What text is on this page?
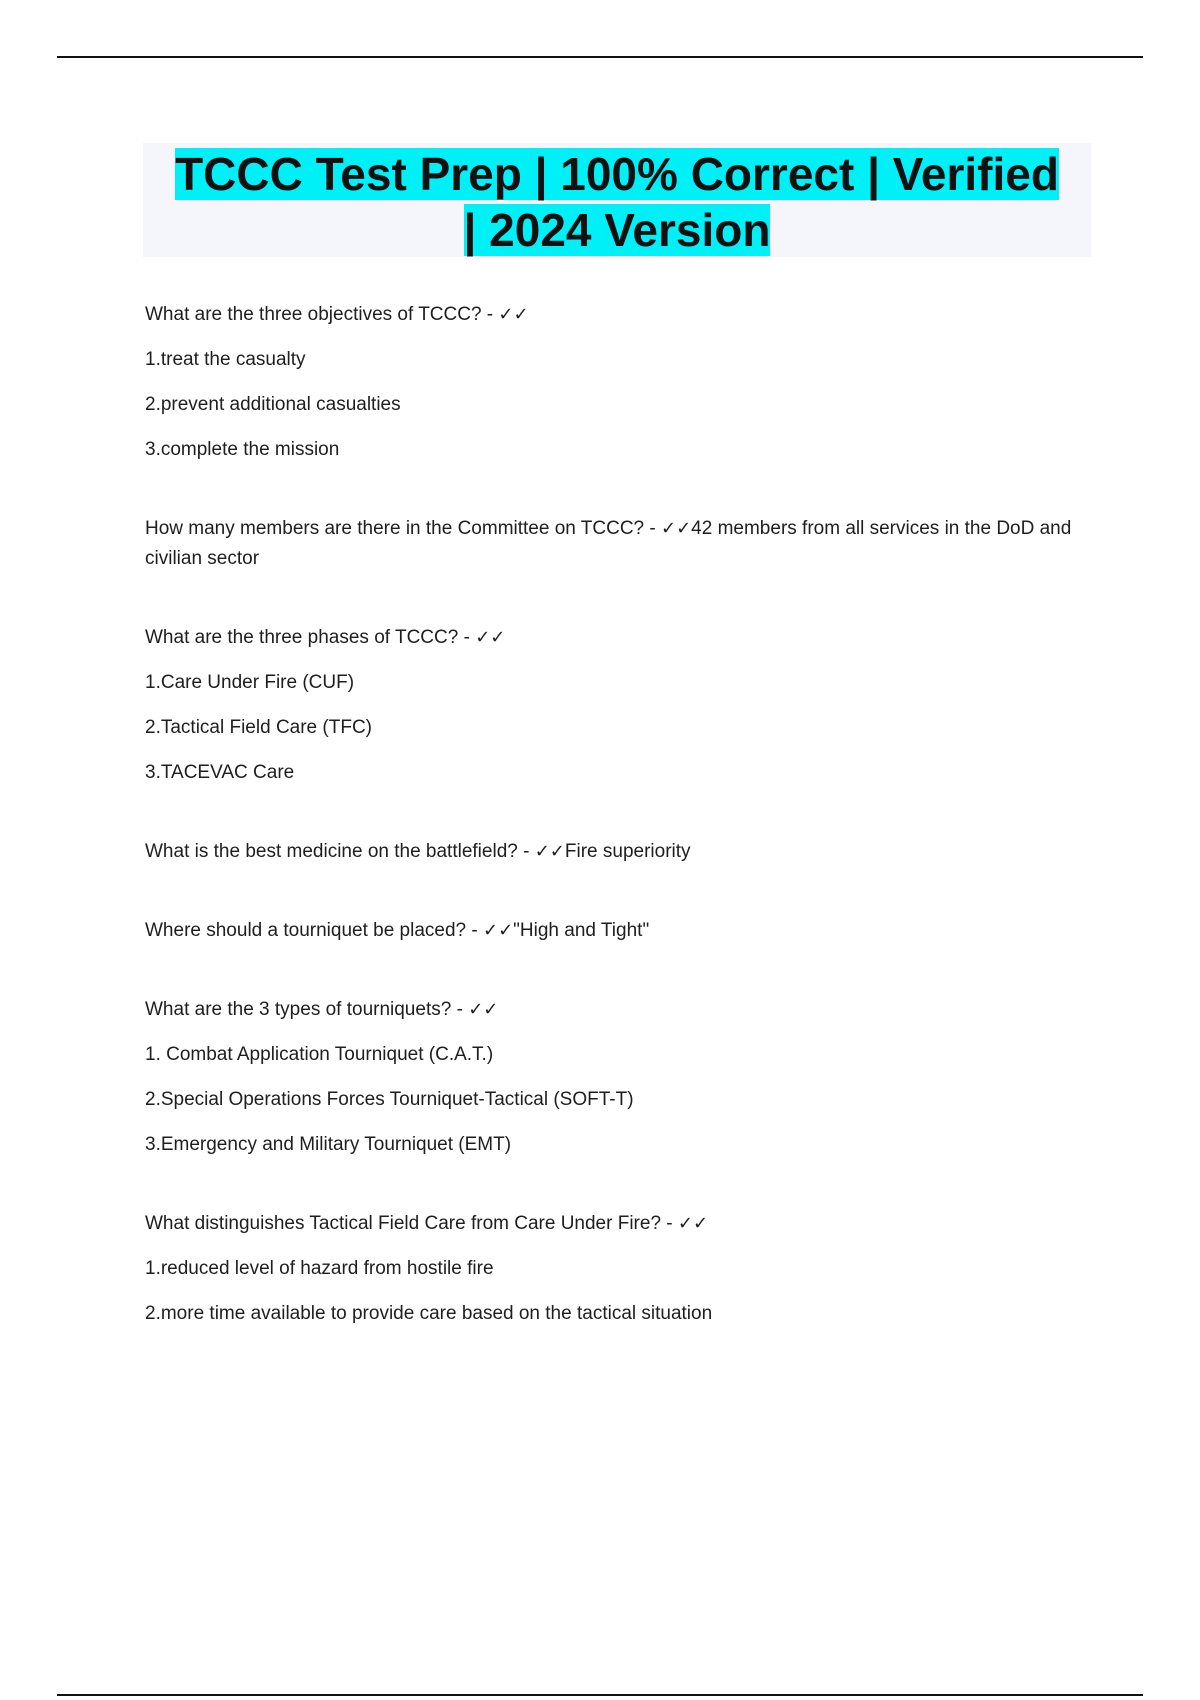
TCCC Test Prep | 100% Correct | Verified
| 2024 Version

What are the three objectives of TCCC? - ✓✓

1.treat the casualty

2.prevent additional casualties

3.complete the mission

How many members are there in the Committee on TCCC? - ✓✓42 members from all services in the DoD and civilian sector

What are the three phases of TCCC? - ✓✓

1.Care Under Fire (CUF)

2.Tactical Field Care (TFC)

3.TACEVAC Care

What is the best medicine on the battlefield? - ✓✓Fire superiority

Where should a tourniquet be placed? - ✓✓"High and Tight"

What are the 3 types of tourniquets? - ✓✓

1. Combat Application Tourniquet (C.A.T.)

2.Special Operations Forces Tourniquet-Tactical (SOFT-T)

3.Emergency and Military Tourniquet (EMT)

What distinguishes Tactical Field Care from Care Under Fire? - ✓✓

1.reduced level of hazard from hostile fire

2.more time available to provide care based on the tactical situation
